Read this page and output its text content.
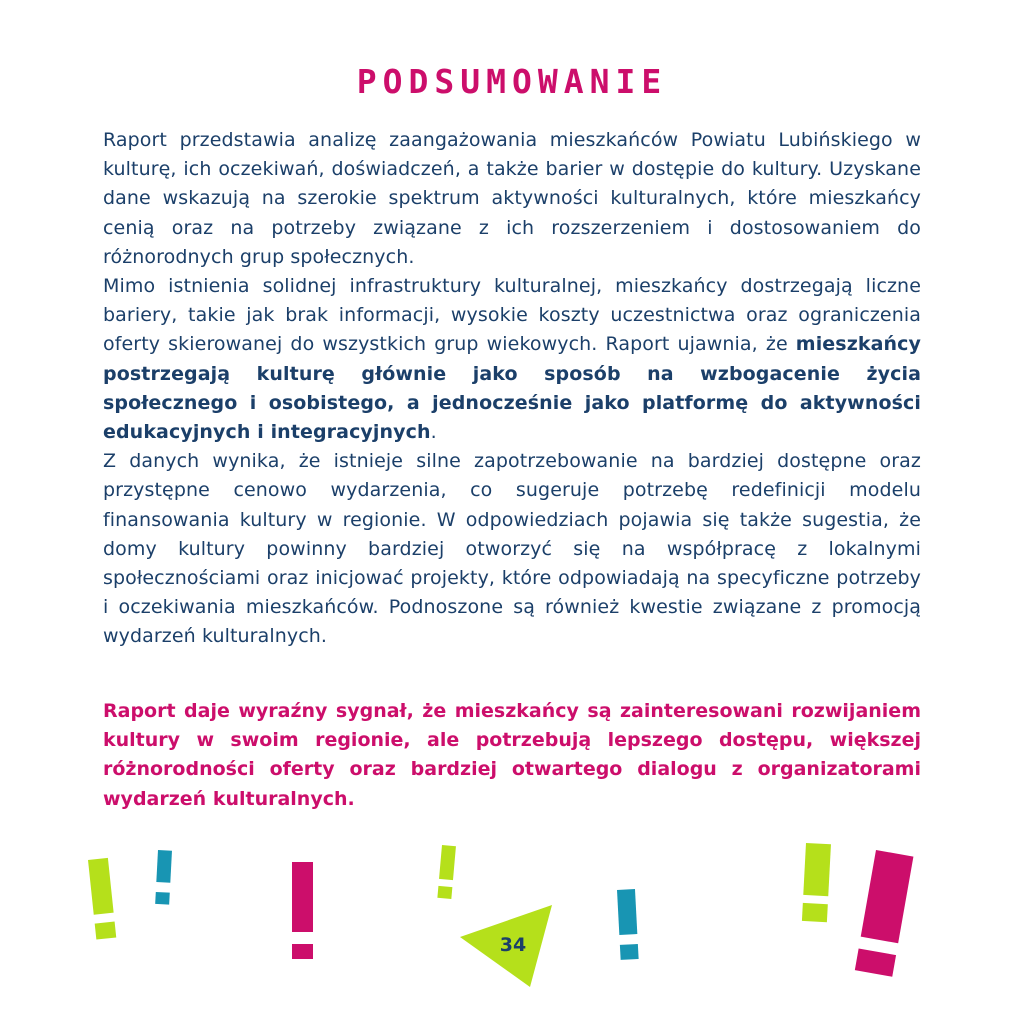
PODSUMOWANIE

Raport przedstawia analizę zaangażowania mieszkańców Powiatu Lubińskiego w kulturę, ich oczekiwań, doświadczeń, a także barier w dostępie do kultury. Uzyskane dane wskazują na szerokie spektrum aktywności kulturalnych, które mieszkańcy cenią oraz na potrzeby związane z ich rozszerzeniem i dostosowaniem do różnorodnych grup społecznych.

Mimo istnienia solidnej infrastruktury kulturalnej, mieszkańcy dostrzegają liczne bariery, takie jak brak informacji, wysokie koszty uczestnictwa oraz ograniczenia oferty skierowanej do wszystkich grup wiekowych. Raport ujawnia, że mieszkańcy postrzegają kulturę głównie jako sposób na wzbogacenie życia społecznego i osobistego, a jednocześnie jako platformę do aktywności edukacyjnych i integracyjnych.

Z danych wynika, że istnieje silne zapotrzebowanie na bardziej dostępne oraz przystępne cenowo wydarzenia, co sugeruje potrzebę redefinicji modelu finansowania kultury w regionie. W odpowiedziach pojawia się także sugestia, że domy kultury powinny bardziej otworzyć się na współpracę z lokalnymi społecznościami oraz inicjować projekty, które odpowiadają na specyficzne potrzeby i oczekiwania mieszkańców. Podnoszone są również kwestie związane z promocją wydarzeń kulturalnych.

Raport daje wyraźny sygnał, że mieszkańcy są zainteresowani rozwijaniem kultury w swoim regionie, ale potrzebują lepszego dostępu, większej różnorodności oferty oraz bardziej otwartego dialogu z organizatorami wydarzeń kulturalnych.

34
